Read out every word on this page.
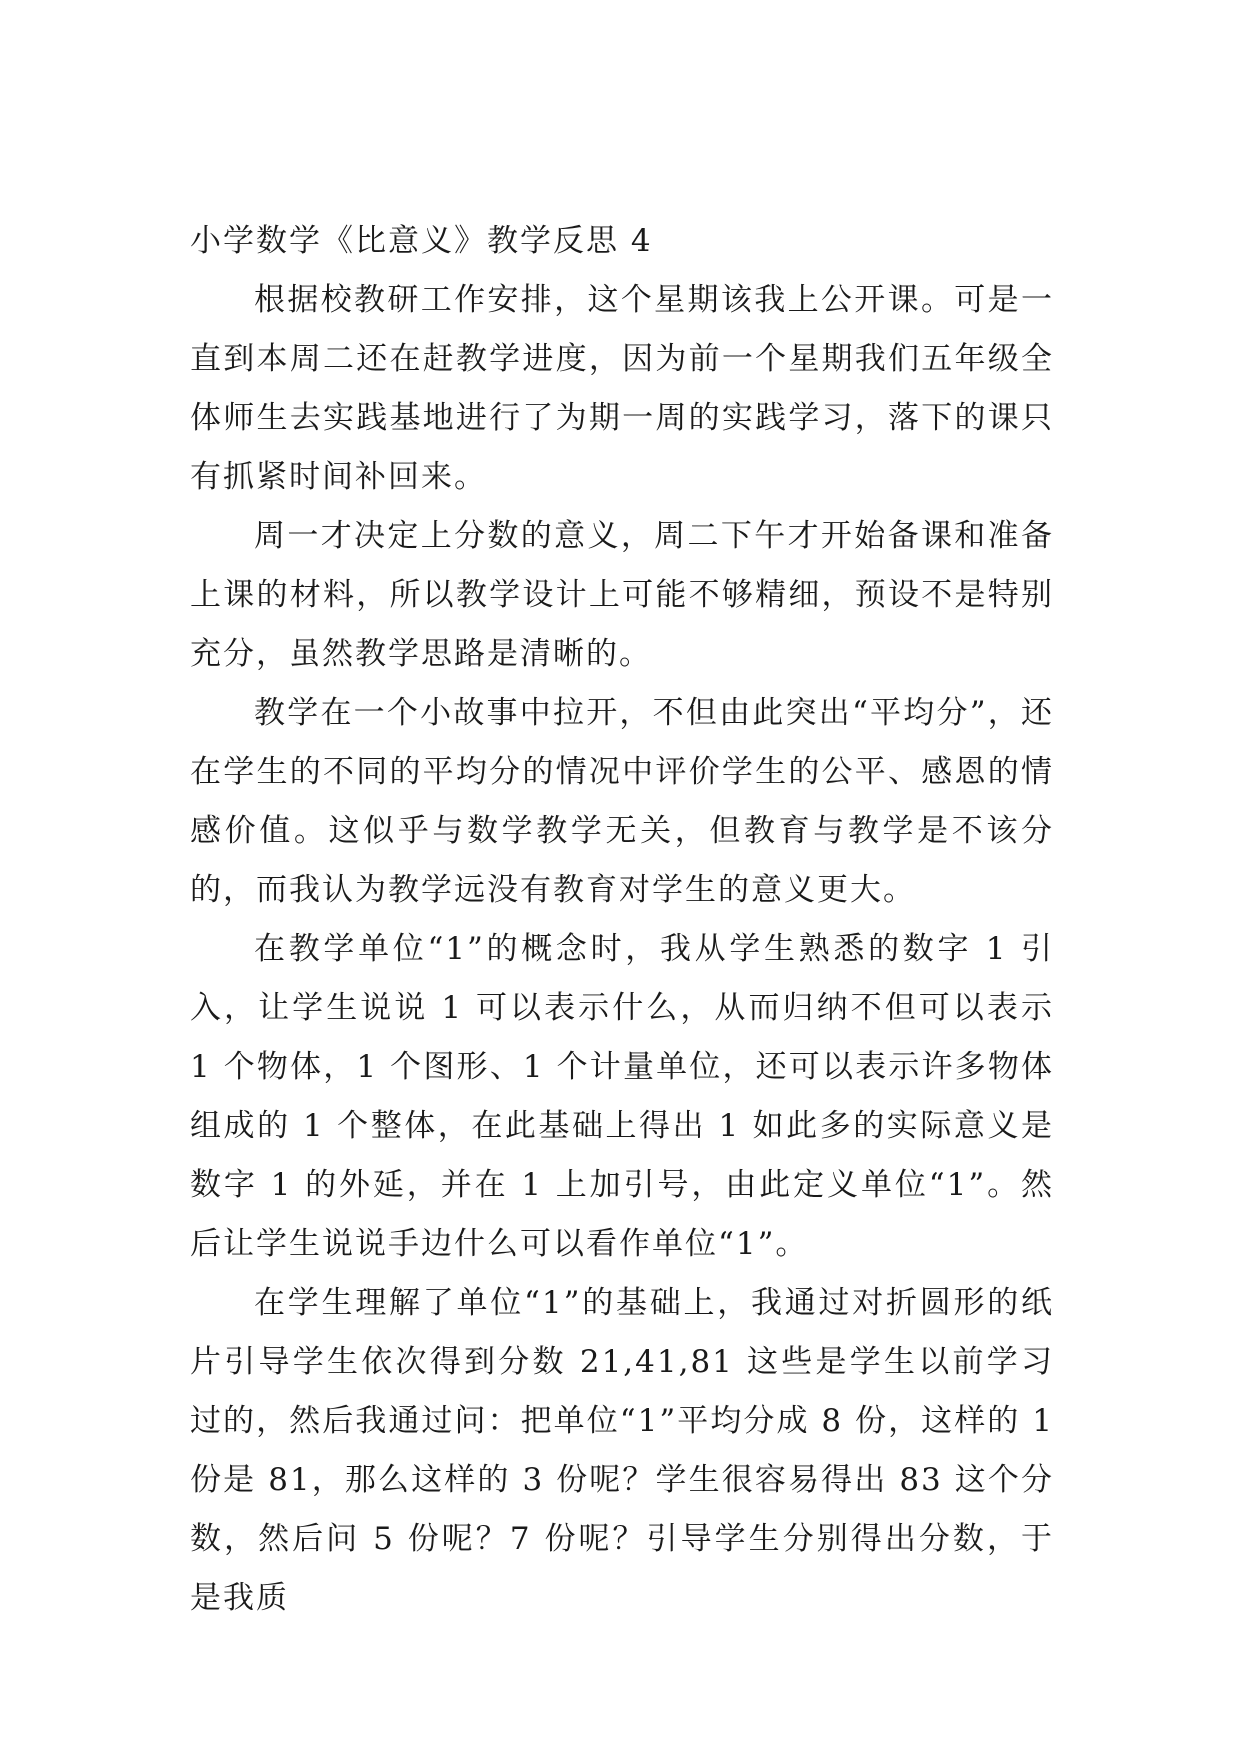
小学数学《比意义》教学反思 4

根据校教研工作安排，这个星期该我上公开课。可是一直到本周二还在赶教学进度，因为前一个星期我们五年级全体师生去实践基地进行了为期一周的实践学习，落下的课只有抓紧时间补回来。

周一才决定上分数的意义，周二下午才开始备课和准备上课的材料，所以教学设计上可能不够精细，预设不是特别充分，虽然教学思路是清晰的。

教学在一个小故事中拉开，不但由此突出“平均分”，还在学生的不同的平均分的情况中评价学生的公平、感恩的情感价值。这似乎与数学教学无关，但教育与教学是不该分的，而我认为教学远没有教育对学生的意义更大。

在教学单位“1”的概念时，我从学生熟悉的数字 1 引入，让学生说说 1 可以表示什么，从而归纳不但可以表示 1 个物体，1 个图形、1 个计量单位，还可以表示许多物体组成的 1 个整体，在此基础上得出 1 如此多的实际意义是数字 1 的外延，并在 1 上加引号，由此定义单位“1”。然后让学生说说手边什么可以看作单位“1”。

在学生理解了单位“1”的基础上，我通过对折圆形的纸片引导学生依次得到分数 21,41,81 这些是学生以前学习过的，然后我通过问：把单位“1”平均分成 8 份，这样的 1 份是 81，那么这样的 3 份呢？学生很容易得出 83 这个分数，然后问 5 份呢？7 份呢？引导学生分别得出分数，于是我质
